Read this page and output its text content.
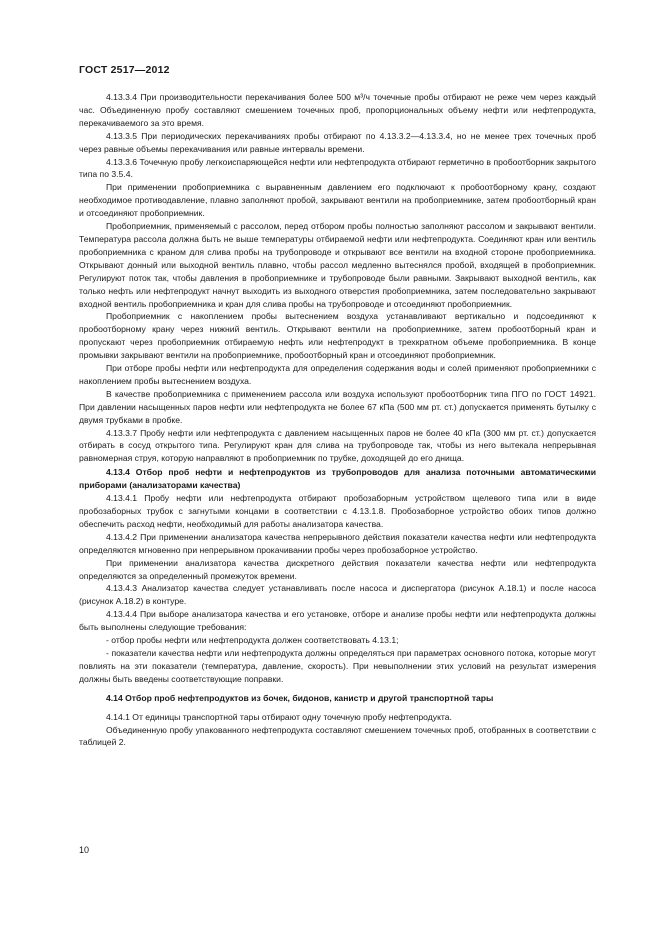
ГОСТ 2517—2012

4.13.3.4 При производительности перекачивания более 500 м³/ч точечные пробы отбирают не реже чем через каждый час. Объединенную пробу составляют смешением точечных проб, пропорциональных объему нефти или нефтепродукта, перекачиваемого за это время.

4.13.3.5 При периодических перекачиваниях пробы отбирают по 4.13.3.2—4.13.3.4, но не менее трех точечных проб через равные объемы перекачивания или равные интервалы времени.

4.13.3.6 Точечную пробу легкоиспаряющейся нефти или нефтепродукта отбирают герметично в пробоотборник закрытого типа по 3.5.4.

При применении пробоприемника с выравненным давлением его подключают к пробоотборному крану, создают необходимое противодавление, плавно заполняют пробой, закрывают вентили на пробоприемнике, затем пробоотборный кран и отсоединяют пробоприемник.

Пробоприемник, применяемый с рассолом, перед отбором пробы полностью заполняют рассолом и закрывают вентили. Температура рассола должна быть не выше температуры отбираемой нефти или нефтепродукта. Соединяют кран или вентиль пробоприемника с краном для слива пробы на трубопроводе и открывают все вентили на входной стороне пробоприемника. Открывают донный или выходной вентиль плавно, чтобы рассол медленно вытеснялся пробой, входящей в пробоприемник. Регулируют поток так, чтобы давления в пробоприемнике и трубопроводе были равными. Закрывают выходной вентиль, как только нефть или нефтепродукт начнут выходить из выходного отверстия пробоприемника, затем последовательно закрывают входной вентиль пробоприемника и кран для слива пробы на трубопроводе и отсоединяют пробоприемник.

Пробоприемник с накоплением пробы вытеснением воздуха устанавливают вертикально и подсоединяют к пробоотборному крану через нижний вентиль. Открывают вентили на пробоприемнике, затем пробоотборный кран и пропускают через пробоприемник отбираемую нефть или нефтепродукт в трехкратном объеме пробоприемника. В конце промывки закрывают вентили на пробоприемнике, пробоотборный кран и отсоединяют пробоприемник.

При отборе пробы нефти или нефтепродукта для определения содержания воды и солей применяют пробоприемники с накоплением пробы вытеснением воздуха.

В качестве пробоприемника с применением рассола или воздуха используют пробоотборник типа ПГО по ГОСТ 14921. При давлении насыщенных паров нефти или нефтепродукта не более 67 кПа (500 мм рт. ст.) допускается применять бутылку с двумя трубками в пробке.

4.13.3.7 Пробу нефти или нефтепродукта с давлением насыщенных паров не более 40 кПа (300 мм рт. ст.) допускается отбирать в сосуд открытого типа. Регулируют кран для слива на трубопроводе так, чтобы из него вытекала непрерывная равномерная струя, которую направляют в пробоприемник по трубке, доходящей до его днища.

4.13.4 Отбор проб нефти и нефтепродуктов из трубопроводов для анализа поточными автоматическими приборами (анализаторами качества)

4.13.4.1 Пробу нефти или нефтепродукта отбирают пробозаборным устройством щелевого типа или в виде пробозаборных трубок с загнутыми концами в соответствии с 4.13.1.8. Пробозаборное устройство обоих типов должно обеспечить расход нефти, необходимый для работы анализатора качества.

4.13.4.2 При применении анализатора качества непрерывного действия показатели качества нефти или нефтепродукта определяются мгновенно при непрерывном прокачивании пробы через пробозаборное устройство.

При применении анализатора качества дискретного действия показатели качества нефти или нефтепродукта определяются за определенный промежуток времени.

4.13.4.3 Анализатор качества следует устанавливать после насоса и диспергатора (рисунок А.18.1) и после насоса (рисунок А.18.2) в контуре.

4.13.4.4 При выборе анализатора качества и его установке, отборе и анализе пробы нефти или нефтепродукта должны быть выполнены следующие требования:

- отбор пробы нефти или нефтепродукта должен соответствовать 4.13.1;

- показатели качества нефти или нефтепродукта должны определяться при параметрах основного потока, которые могут повлиять на эти показатели (температура, давление, скорость). При невыполнении этих условий на результат измерения должны быть введены соответствующие поправки.

4.14 Отбор проб нефтепродуктов из бочек, бидонов, канистр и другой транспортной тары

4.14.1 От единицы транспортной тары отбирают одну точечную пробу нефтепродукта.

Объединенную пробу упакованного нефтепродукта составляют смешением точечных проб, отобранных в соответствии с таблицей 2.

10
